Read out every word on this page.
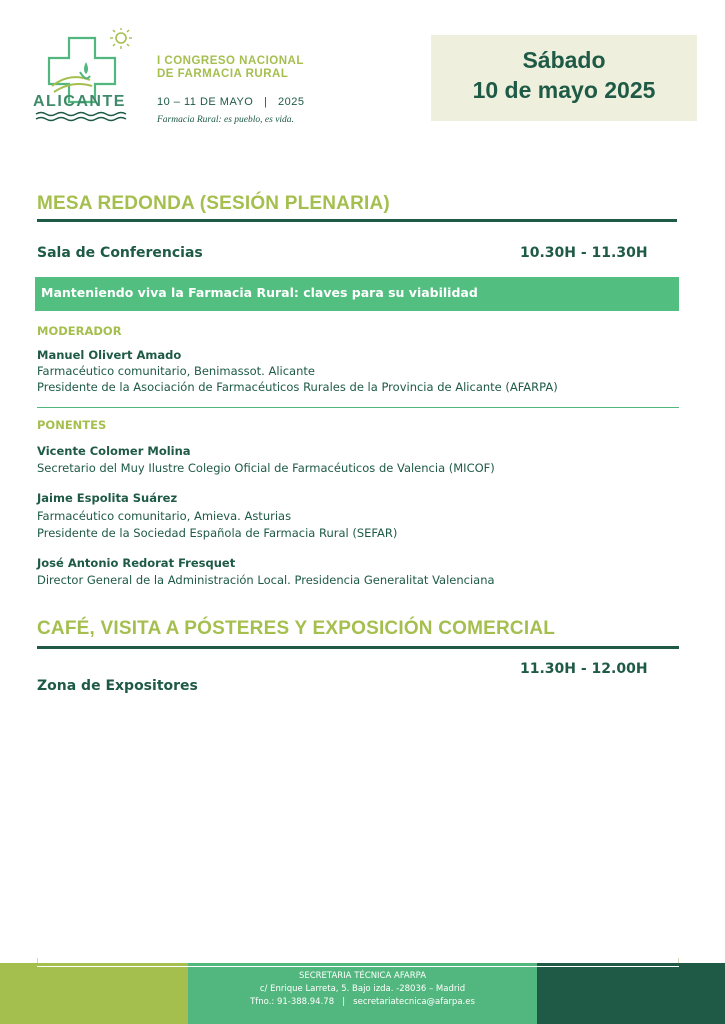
ALICANTE
I CONGRESO NACIONAL
DE FARMACIA RURAL
10 – 11 DE MAYO   |   2025
Farmacia Rural: es pueblo, es vida.
Sábado
10 de mayo 2025
MESA REDONDA (SESIÓN PLENARIA)
Sala de Conferencias	10.30H - 11.30H
Manteniendo viva la Farmacia Rural: claves para su viabilidad
MODERADOR
Manuel Olivert Amado
Farmacéutico comunitario, Benimassot. Alicante
Presidente de la Asociación de Farmacéuticos Rurales de la Provincia de Alicante (AFARPA)
PONENTES
Vicente Colomer Molina
Secretario del Muy Ilustre Colegio Oficial de Farmacéuticos de Valencia (MICOF)
Jaime Espolita Suárez
Farmacéutico comunitario, Amieva. Asturias
Presidente de la Sociedad Española de Farmacia Rural (SEFAR)
José Antonio Redorat Fresquet
Director General de la Administración Local. Presidencia Generalitat Valenciana
CAFÉ, VISITA A PÓSTERES Y EXPOSICIÓN COMERCIAL
11.30H - 12.00H
Zona de Expositores
SECRETARIA TÉCNICA AFARPA
c/ Enrique Larreta, 5. Bajo izda. -28036 – Madrid
Tfno.: 91-388.94.78   |   secretariatecnica@afarpa.es
